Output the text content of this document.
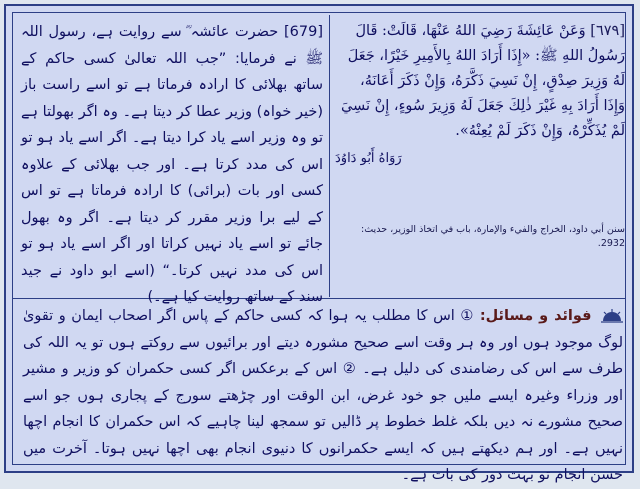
[679] حضرت عائشہ ؓ سے روایت ہے، رسول اللہ ﷺ نے فرمایا: ”جب اللہ تعالیٰ کسی حاکم کے ساتھ بھلائی کا ارادہ فرماتا ہے تو اسے راست باز (خیر خواہ) وزیر عطا کر دیتا ہے۔ وہ اگر بھولتا ہے تو وہ وزیر اسے یاد کرا دیتا ہے۔ اگر اسے یاد ہو تو اس کی مدد کرتا ہے۔ اور جب بھلائی کے علاوہ کسی اور بات (برائی) کا ارادہ فرماتا ہے تو اس کے لیے برا وزیر مقرر کر دیتا ہے۔ اگر وہ بھول جائے تو اسے یاد نہیں کراتا اور اگر اسے یاد ہو تو اس کی مدد نہیں کرتا۔“ (اسے ابو داود نے جید سند کے ساتھ روایت کیا ہے۔)
[٦٧٩] وَعَنْ عَائِشَةَ رَضِيَ اللهُ عَنْهَا، قَالَتْ: قَالَ رَسُولُ اللهِ ﷺ: «إِذَا أَرَادَ اللهُ بِالأَمِيرِ خَيْرًا، جَعَلَ لَهُ وَزِيرَ صِدْقٍ، إِنْ نَسِيَ ذَكَّرَهُ، وَإِنْ ذَكَرَ أَعَانَهُ، وَإِذَا أَرَادَ بِهِ غَيْرَ ذٰلِكَ جَعَلَ لَهُ وَزِيرَ سُوءٍ، إِنْ نَسِيَ لَمْ يُذَكِّرْهُ، وَإِنْ ذَكَرَ لَمْ يُعِنْهُ».
رَوَاهُ أَبُو دَاوُدَ
سنن أبي داود، الخراج والفيء والإمارة، باب في اتخاذ الوزير، حديث: 2932.
فوائد و مسائل: ① اس کا مطلب یہ ہوا کہ کسی حاکم کے پاس اگر اصحاب ایمان و تقویٰ لوگ موجود ہوں اور وہ ہر وقت اسے صحیح مشورہ دیتے اور برائیوں سے روکتے ہوں تو یہ اللہ کی طرف سے اس کی رضامندی کی دلیل ہے۔ ② اس کے برعکس اگر کسی حکمران کو وزیر و مشیر اور وزراء وغیرہ ایسے ملیں جو خود غرض، ابن الوقت اور چڑھتے سورج کے پجاری ہوں جو اسے صحیح مشورے نہ دیں بلکہ غلط خطوط پر ڈالیں تو سمجھ لینا چاہیے کہ اس حکمران کا انجام اچھا نہیں ہے۔ اور ہم دیکھتے ہیں کہ ایسے حکمرانوں کا دنیوی انجام بھی اچھا نہیں ہوتا۔ آخرت میں حسن انجام تو بہت دور کی بات ہے۔
